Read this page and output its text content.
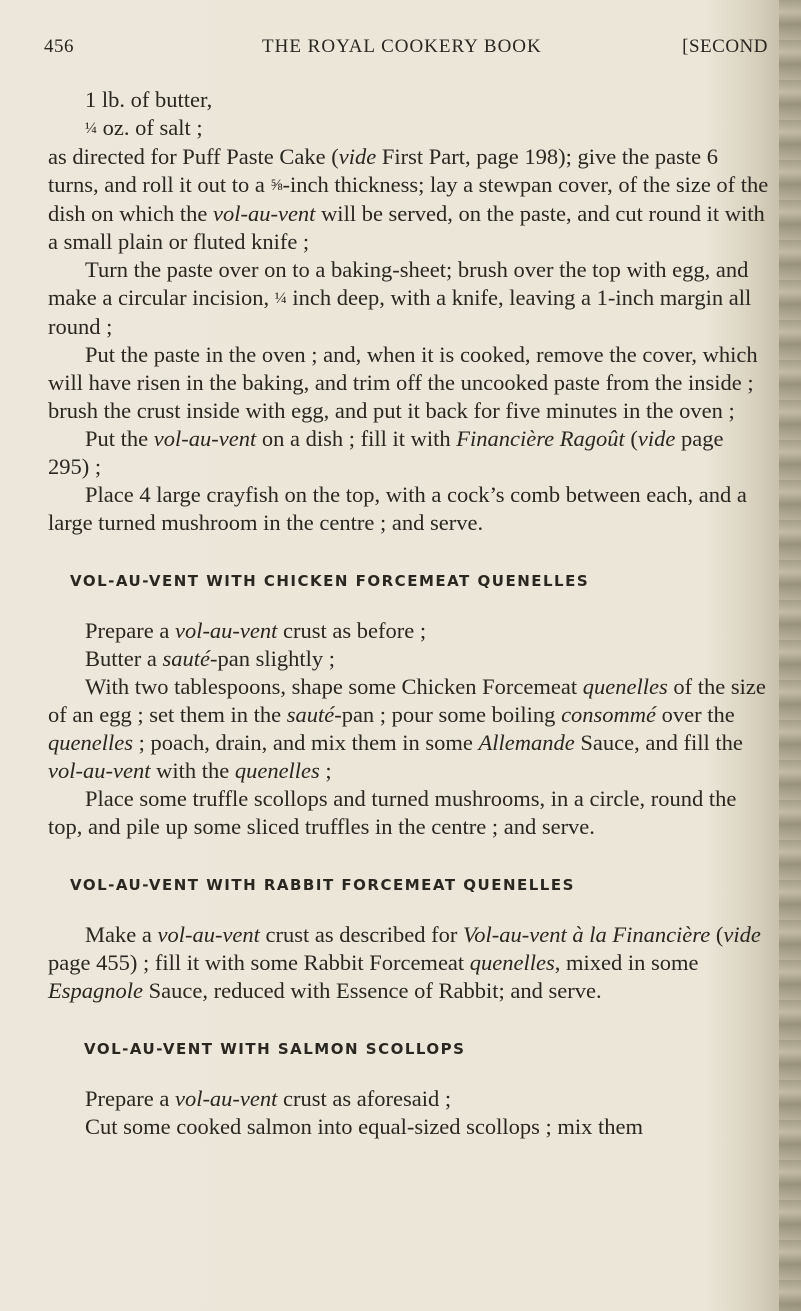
456	THE ROYAL COOKERY BOOK	[SECOND

1 lb. of butter,

¼ oz. of salt ;

as directed for Puff Paste Cake (vide First Part, page 198); give the paste 6 turns, and roll it out to a ⅝-inch thickness; lay a stewpan cover, of the size of the dish on which the vol-au-vent will be served, on the paste, and cut round it with a small plain or fluted knife ;

Turn the paste over on to a baking-sheet; brush over the top with egg, and make a circular incision, ¼ inch deep, with a knife, leaving a 1-inch margin all round ;

Put the paste in the oven ; and, when it is cooked, remove the cover, which will have risen in the baking, and trim off the uncooked paste from the inside ; brush the crust inside with egg, and put it back for five minutes in the oven ;

Put the vol-au-vent on a dish ; fill it with Financière Ragoût (vide page 295) ;

Place 4 large crayfish on the top, with a cock’s comb between each, and a large turned mushroom in the centre ; and serve.

VOL-AU-VENT WITH CHICKEN FORCEMEAT QUENELLES

Prepare a vol-au-vent crust as before ;

Butter a sauté-pan slightly ;

With two tablespoons, shape some Chicken Forcemeat quenelles of the size of an egg ; set them in the sauté-pan ; pour some boiling consommé over the quenelles ; poach, drain, and mix them in some Allemande Sauce, and fill the vol-au-vent with the quenelles ;

Place some truffle scollops and turned mushrooms, in a circle, round the top, and pile up some sliced truffles in the centre ; and serve.

VOL-AU-VENT WITH RABBIT FORCEMEAT QUENELLES

Make a vol-au-vent crust as described for Vol-au-vent à la Financière (vide page 455) ; fill it with some Rabbit Forcemeat quenelles, mixed in some Espagnole Sauce, reduced with Essence of Rabbit; and serve.

VOL-AU-VENT WITH SALMON SCOLLOPS

Prepare a vol-au-vent crust as aforesaid ;

Cut some cooked salmon into equal-sized scollops ; mix them
